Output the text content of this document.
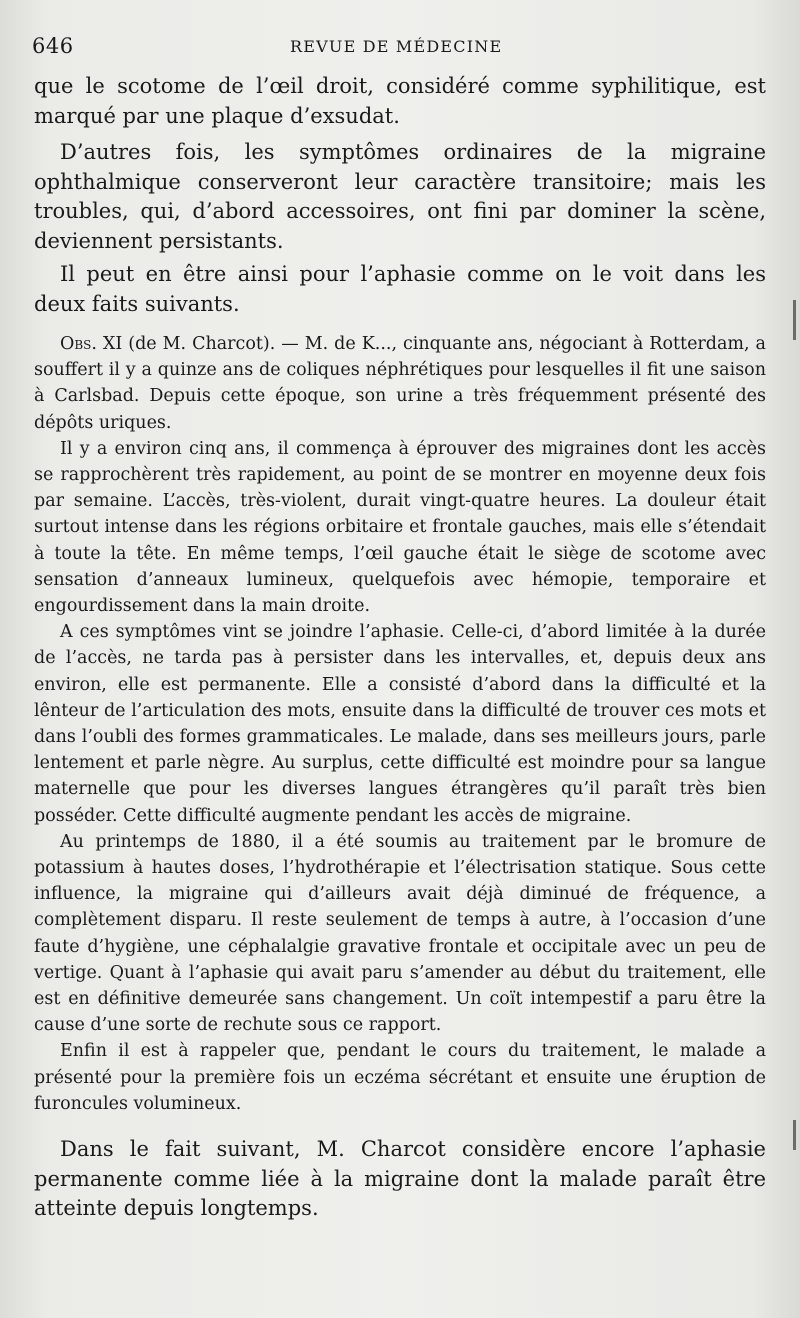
646	REVUE DE MÉDECINE

que le scotome de l’œil droit, considéré comme syphilitique, est marqué par une plaque d’exsudat.

D’autres fois, les symptômes ordinaires de la migraine ophthalmique conserveront leur caractère transitoire; mais les troubles, qui, d’abord accessoires, ont fini par dominer la scène, deviennent persistants.

Il peut en être ainsi pour l’aphasie comme on le voit dans les deux faits suivants.

Obs. XI (de M. Charcot). — M. de K..., cinquante ans, négociant à Rotterdam, a souffert il y a quinze ans de coliques néphrétiques pour lesquelles il fit une saison à Carlsbad. Depuis cette époque, son urine a très fréquemment présenté des dépôts uriques.

Il y a environ cinq ans, il commença à éprouver des migraines dont les accès se rapprochèrent très rapidement, au point de se montrer en moyenne deux fois par semaine. L’accès, très-violent, durait vingt-quatre heures. La douleur était surtout intense dans les régions orbitaire et frontale gauches, mais elle s’étendait à toute la tête. En même temps, l’œil gauche était le siège de scotome avec sensation d’anneaux lumineux, quelquefois avec hémopie, temporaire et engourdissement dans la main droite.

A ces symptômes vint se joindre l’aphasie. Celle-ci, d’abord limitée à la durée de l’accès, ne tarda pas à persister dans les intervalles, et, depuis deux ans environ, elle est permanente. Elle a consisté d’abord dans la difficulté et la lênteur de l’articulation des mots, ensuite dans la difficulté de trouver ces mots et dans l’oubli des formes grammaticales. Le malade, dans ses meilleurs jours, parle lentement et parle nègre. Au surplus, cette difficulté est moindre pour sa langue maternelle que pour les diverses langues étrangères qu’il paraît très bien posséder. Cette difficulté augmente pendant les accès de migraine.

Au printemps de 1880, il a été soumis au traitement par le bromure de potassium à hautes doses, l’hydrothérapie et l’électrisation statique. Sous cette influence, la migraine qui d’ailleurs avait déjà diminué de fréquence, a complètement disparu. Il reste seulement de temps à autre, à l’occasion d’une faute d’hygiène, une céphalalgie gravative frontale et occipitale avec un peu de vertige. Quant à l’aphasie qui avait paru s’amender au début du traitement, elle est en définitive demeurée sans changement. Un coït intempestif a paru être la cause d’une sorte de rechute sous ce rapport.

Enfin il est à rappeler que, pendant le cours du traitement, le malade a présenté pour la première fois un eczéma sécrétant et ensuite une éruption de furoncules volumineux.

Dans le fait suivant, M. Charcot considère encore l’aphasie permanente comme liée à la migraine dont la malade paraît être atteinte depuis longtemps.
